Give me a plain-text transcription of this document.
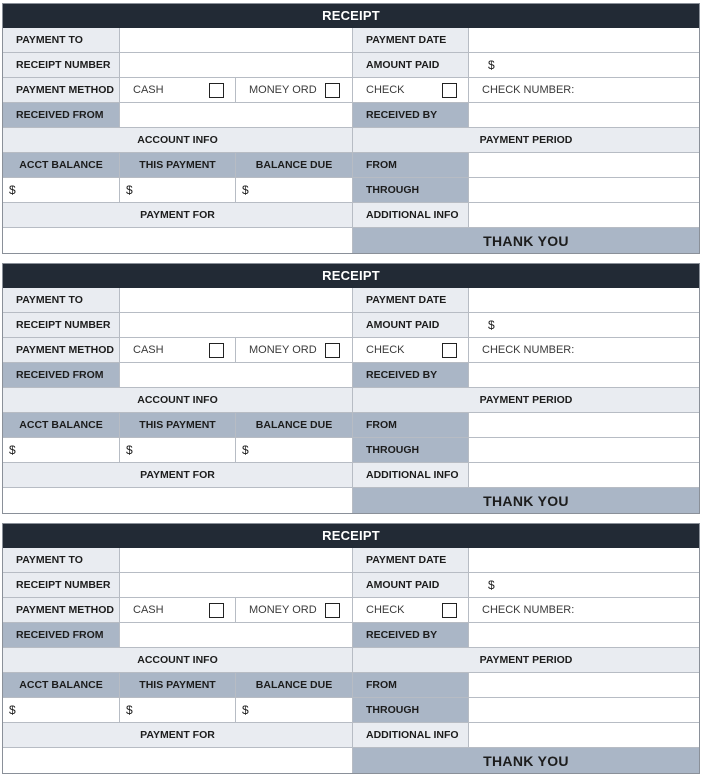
RECEIPT
PAYMENT TO	PAYMENT DATE
RECEIPT NUMBER	AMOUNT PAID	$
PAYMENT METHOD	CASH	MONEY ORD	CHECK	CHECK NUMBER:
RECEIVED FROM	RECEIVED BY
ACCOUNT INFO	PAYMENT PERIOD
ACCT BALANCE	THIS PAYMENT	BALANCE DUE	FROM
$	$	$	THROUGH
PAYMENT FOR	ADDITIONAL INFO
THANK YOU
RECEIPT
PAYMENT TO	PAYMENT DATE
RECEIPT NUMBER	AMOUNT PAID	$
PAYMENT METHOD	CASH	MONEY ORD	CHECK	CHECK NUMBER:
RECEIVED FROM	RECEIVED BY
ACCOUNT INFO	PAYMENT PERIOD
ACCT BALANCE	THIS PAYMENT	BALANCE DUE	FROM
$	$	$	THROUGH
PAYMENT FOR	ADDITIONAL INFO
THANK YOU
RECEIPT
PAYMENT TO	PAYMENT DATE
RECEIPT NUMBER	AMOUNT PAID	$
PAYMENT METHOD	CASH	MONEY ORD	CHECK	CHECK NUMBER:
RECEIVED FROM	RECEIVED BY
ACCOUNT INFO	PAYMENT PERIOD
ACCT BALANCE	THIS PAYMENT	BALANCE DUE	FROM
$	$	$	THROUGH
PAYMENT FOR	ADDITIONAL INFO
THANK YOU
